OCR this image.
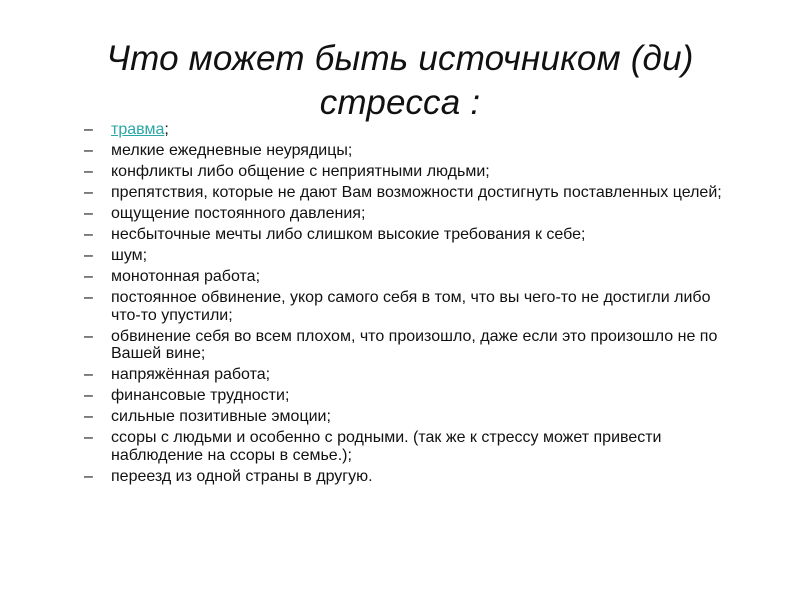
Что может быть источником (ди)
стресса :
– травма;
– мелкие ежедневные неурядицы;
– конфликты либо общение с неприятными людьми;
– препятствия, которые не дают Вам возможности достигнуть поставленных целей;
– ощущение постоянного давления;
– несбыточные мечты либо слишком высокие требования к себе;
– шум;
– монотонная работа;
– постоянное обвинение, укор самого себя в том, что вы чего-то не достигли либо что-то упустили;
– обвинение себя во всем плохом, что произошло, даже если это произошло не по Вашей вине;
– напряжённая работа;
– финансовые трудности;
– сильные позитивные эмоции;
– ссоры с людьми и особенно с родными. (так же к стрессу может привести наблюдение на ссоры в семье.);
– переезд из одной страны в другую.
